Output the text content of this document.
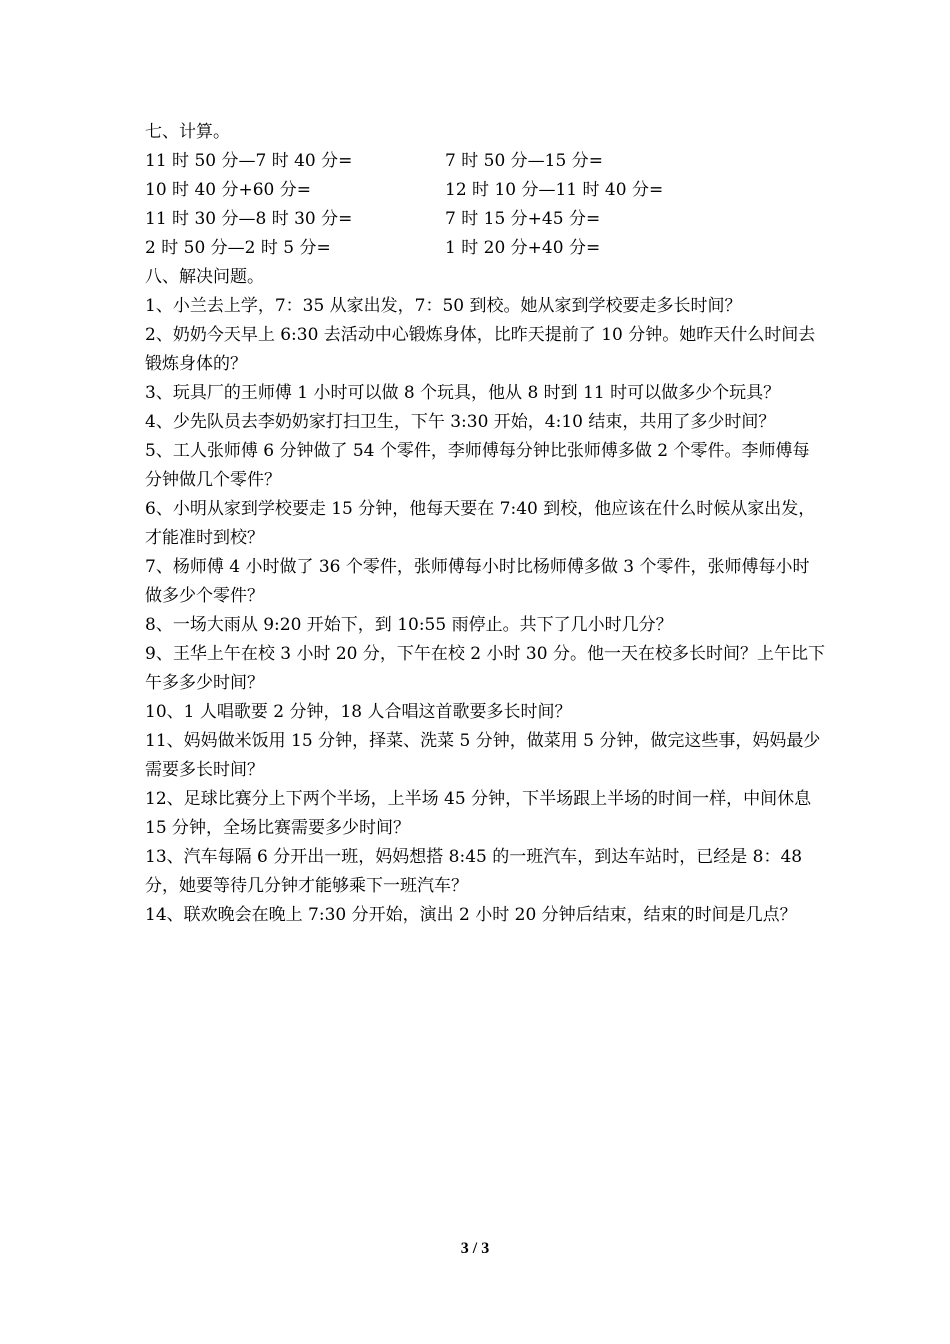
七、计算。
11 时 50 分—7 时 40 分=	7 时 50 分—15 分=
10 时 40 分+60 分=	12 时 10 分—11 时 40 分=
11 时 30 分—8 时 30 分=	7 时 15 分+45 分=
2 时 50 分—2 时 5 分=	1 时 20 分+40 分=
八、解决问题。
1、小兰去上学，7：35 从家出发，7：50 到校。她从家到学校要走多长时间？
2、奶奶今天早上 6:30 去活动中心锻炼身体，比昨天提前了 10 分钟。她昨天什么时间去锻炼身体的？
3、玩具厂的王师傅 1 小时可以做 8 个玩具，他从 8 时到 11 时可以做多少个玩具？
4、少先队员去李奶奶家打扫卫生，下午 3:30 开始，4:10 结束，共用了多少时间？
5、工人张师傅 6 分钟做了 54 个零件，李师傅每分钟比张师傅多做 2 个零件。李师傅每分钟做几个零件？
6、小明从家到学校要走 15 分钟，他每天要在 7:40 到校，他应该在什么时候从家出发，才能准时到校？
7、杨师傅 4 小时做了 36 个零件，张师傅每小时比杨师傅多做 3 个零件，张师傅每小时做多少个零件？
8、一场大雨从 9:20 开始下，到 10:55 雨停止。共下了几小时几分？
9、王华上午在校 3 小时 20 分，下午在校 2 小时 30 分。他一天在校多长时间？上午比下午多多少时间？
10、1 人唱歌要 2 分钟，18 人合唱这首歌要多长时间？
11、妈妈做米饭用 15 分钟，择菜、洗菜 5 分钟，做菜用 5 分钟，做完这些事，妈妈最少需要多长时间？
12、足球比赛分上下两个半场，上半场 45 分钟，下半场跟上半场的时间一样，中间休息 15 分钟，全场比赛需要多少时间？
13、汽车每隔 6 分开出一班，妈妈想搭 8:45 的一班汽车，到达车站时，已经是 8：48 分，她要等待几分钟才能够乘下一班汽车？
14、联欢晚会在晚上 7:30 分开始，演出 2 小时 20 分钟后结束，结束的时间是几点？
3 / 3
